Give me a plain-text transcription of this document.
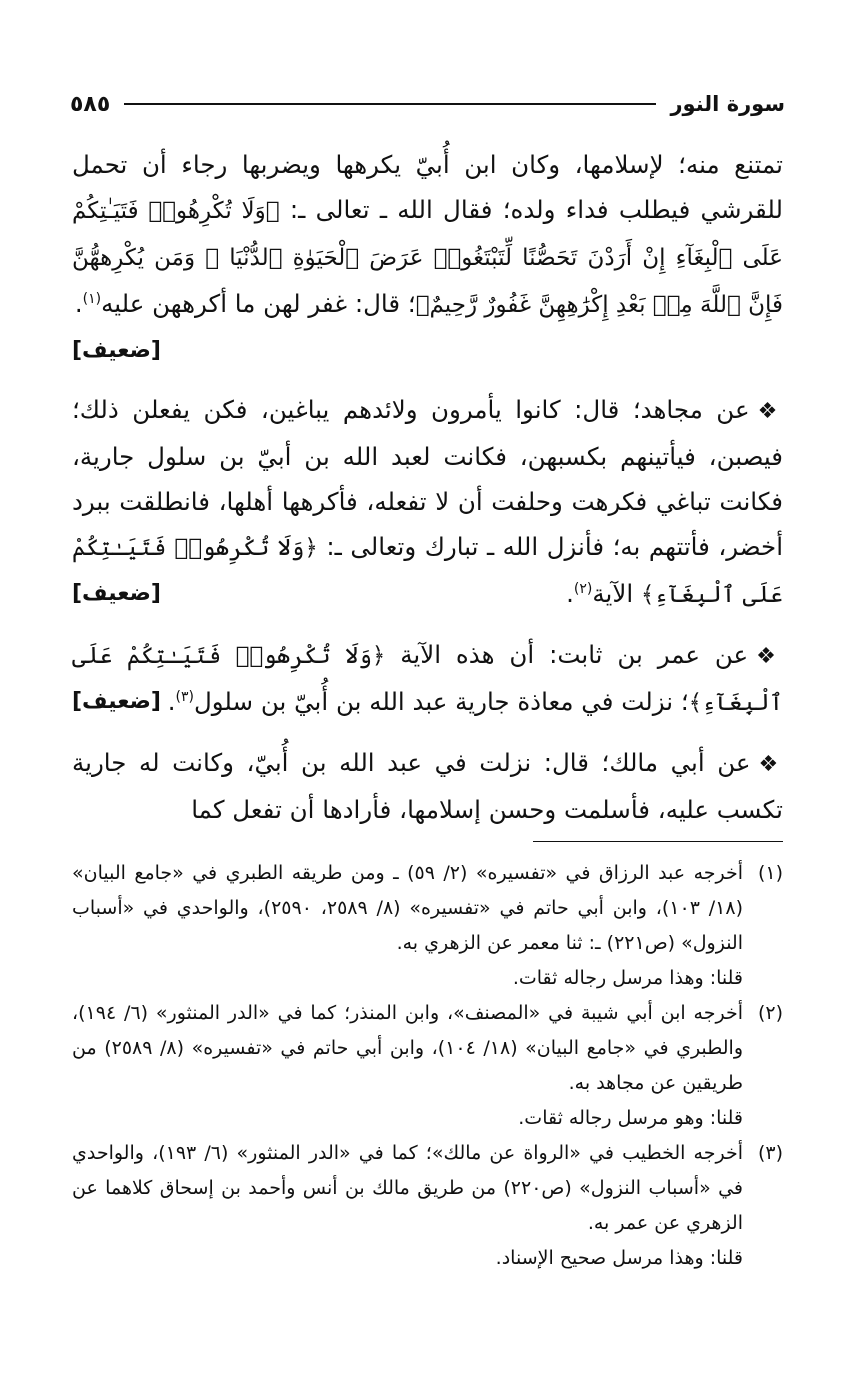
سورة النور
٥٨٥

تمتنع منه؛ لإسلامها، وكان ابن أُبيّ يكرهها ويضربها رجاء أن تحمل للقرشي فيطلب فداء ولده؛ فقال الله ـ تعالى ـ: ﴿وَلَا تُكْرِهُوا۟ فَتَيَـٰتِكُمْ عَلَى ٱلْبِغَآءِ إِنْ أَرَدْنَ تَحَصُّنًا لِّتَبْتَغُوا۟ عَرَضَ ٱلْحَيَوٰةِ ٱلدُّنْيَا ۚ وَمَن يُكْرِههُّنَّ فَإِنَّ ٱللَّهَ مِنۢ بَعْدِ إِكْرَٰهِهِنَّ غَفُورٌ رَّحِيمٌ﴾؛ قال: غفر لهن ما أكرههن عليه$^{(١)}$.
[ضعيف]

❖عن مجاهد؛ قال: كانوا يأمرون ولائدهم يباغين، فكن يفعلن ذلك؛ فيصبن، فيأتينهم بكسبهن، فكانت لعبد الله بن أبيّ بن سلول جارية، فكانت تباغي فكرهت وحلفت أن لا تفعله، فأكرهها أهلها، فانطلقت ببرد أخضر، فأتتهم به؛ فأنزل الله ـ تبارك وتعالى ـ: ﴿وَلَا تُكْرِهُوا۟ فَتَيَـٰتِكُمْ عَلَى ٱلْبِغَآءِ﴾ الآية$^{(٢)}$.
[ضعيف]

❖عن عمر بن ثابت: أن هذه الآية ﴿وَلَا تُكْرِهُوا۟ فَتَيَـٰتِكُمْ عَلَى ٱلْبِغَآءِ﴾؛ نزلت في معاذة جارية عبد الله بن أُبيّ بن سلول$^{(٣)}$.
[ضعيف]

❖عن أبي مالك؛ قال: نزلت في عبد الله بن أُبيّ، وكانت له جارية تكسب عليه، فأسلمت وحسن إسلامها، فأرادها أن تفعل كما

(١)

أخرجه عبد الرزاق في «تفسيره» (٢/ ٥٩) ـ ومن طريقه الطبري في «جامع البيان» (١٨/ ١٠٣)، وابن أبي حاتم في «تفسيره» (٨/ ٢٥٨٩، ٢٥٩٠)، والواحدي في «أسباب النزول» (ص٢٢١) ـ: ثنا معمر عن الزهري به.

قلنا: وهذا مرسل رجاله ثقات.

(٢)

أخرجه ابن أبي شيبة في «المصنف»، وابن المنذر؛ كما في «الدر المنثور» (٦/ ١٩٤)، والطبري في «جامع البيان» (١٨/ ١٠٤)، وابن أبي حاتم في «تفسيره» (٨/ ٢٥٨٩) من طريقين عن مجاهد به.

قلنا: وهو مرسل رجاله ثقات.

(٣)

أخرجه الخطيب في «الرواة عن مالك»؛ كما في «الدر المنثور» (٦/ ١٩٣)، والواحدي في «أسباب النزول» (ص٢٢٠) من طريق مالك بن أنس وأحمد بن إسحاق كلاهما عن الزهري عن عمر به.

قلنا: وهذا مرسل صحيح الإسناد.
